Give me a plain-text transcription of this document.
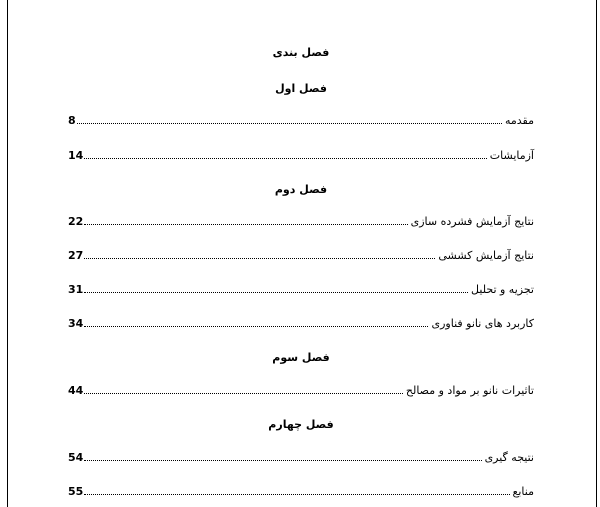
فصل بندی
فصل اول
مقدمه
8
آزمایشات
14
فصل دوم
نتایج آزمایش فشرده سازی
22
نتایج آزمایش کششی
27
تجزیه و تحلیل
31
کاربرد های نانو فناوری
34
فصل سوم
تاثیرات نانو بر مواد و مصالح
44
فصل چهارم
نتیجه گیری
54
منابع
55
